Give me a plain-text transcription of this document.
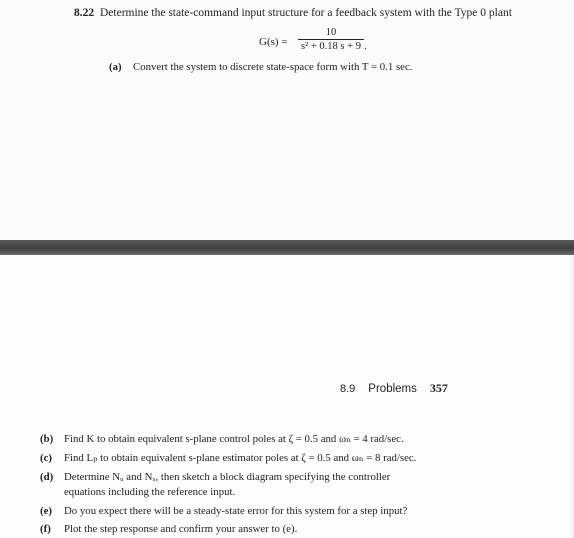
8.22 Determine the state-command input structure for a feedback system with the Type 0 plant
G(s) =
10
s² + 0.18 s + 9 .
(a) Convert the system to discrete state-space form with T = 0.1 sec.
8.9 Problems 357
(b) Find K to obtain equivalent s-plane control poles at ζ = 0.5 and ωₙ = 4 rad/sec.
(c) Find Lₚ to obtain equivalent s-plane estimator poles at ζ = 0.5 and ωₙ = 8 rad/sec.
(d) Determine Nᵤ and Nₓ, then sketch a block diagram specifying the controller
equations including the reference input.
(e) Do you expect there will be a steady-state error for this system for a step input?
(f) Plot the step response and confirm your answer to (e).
